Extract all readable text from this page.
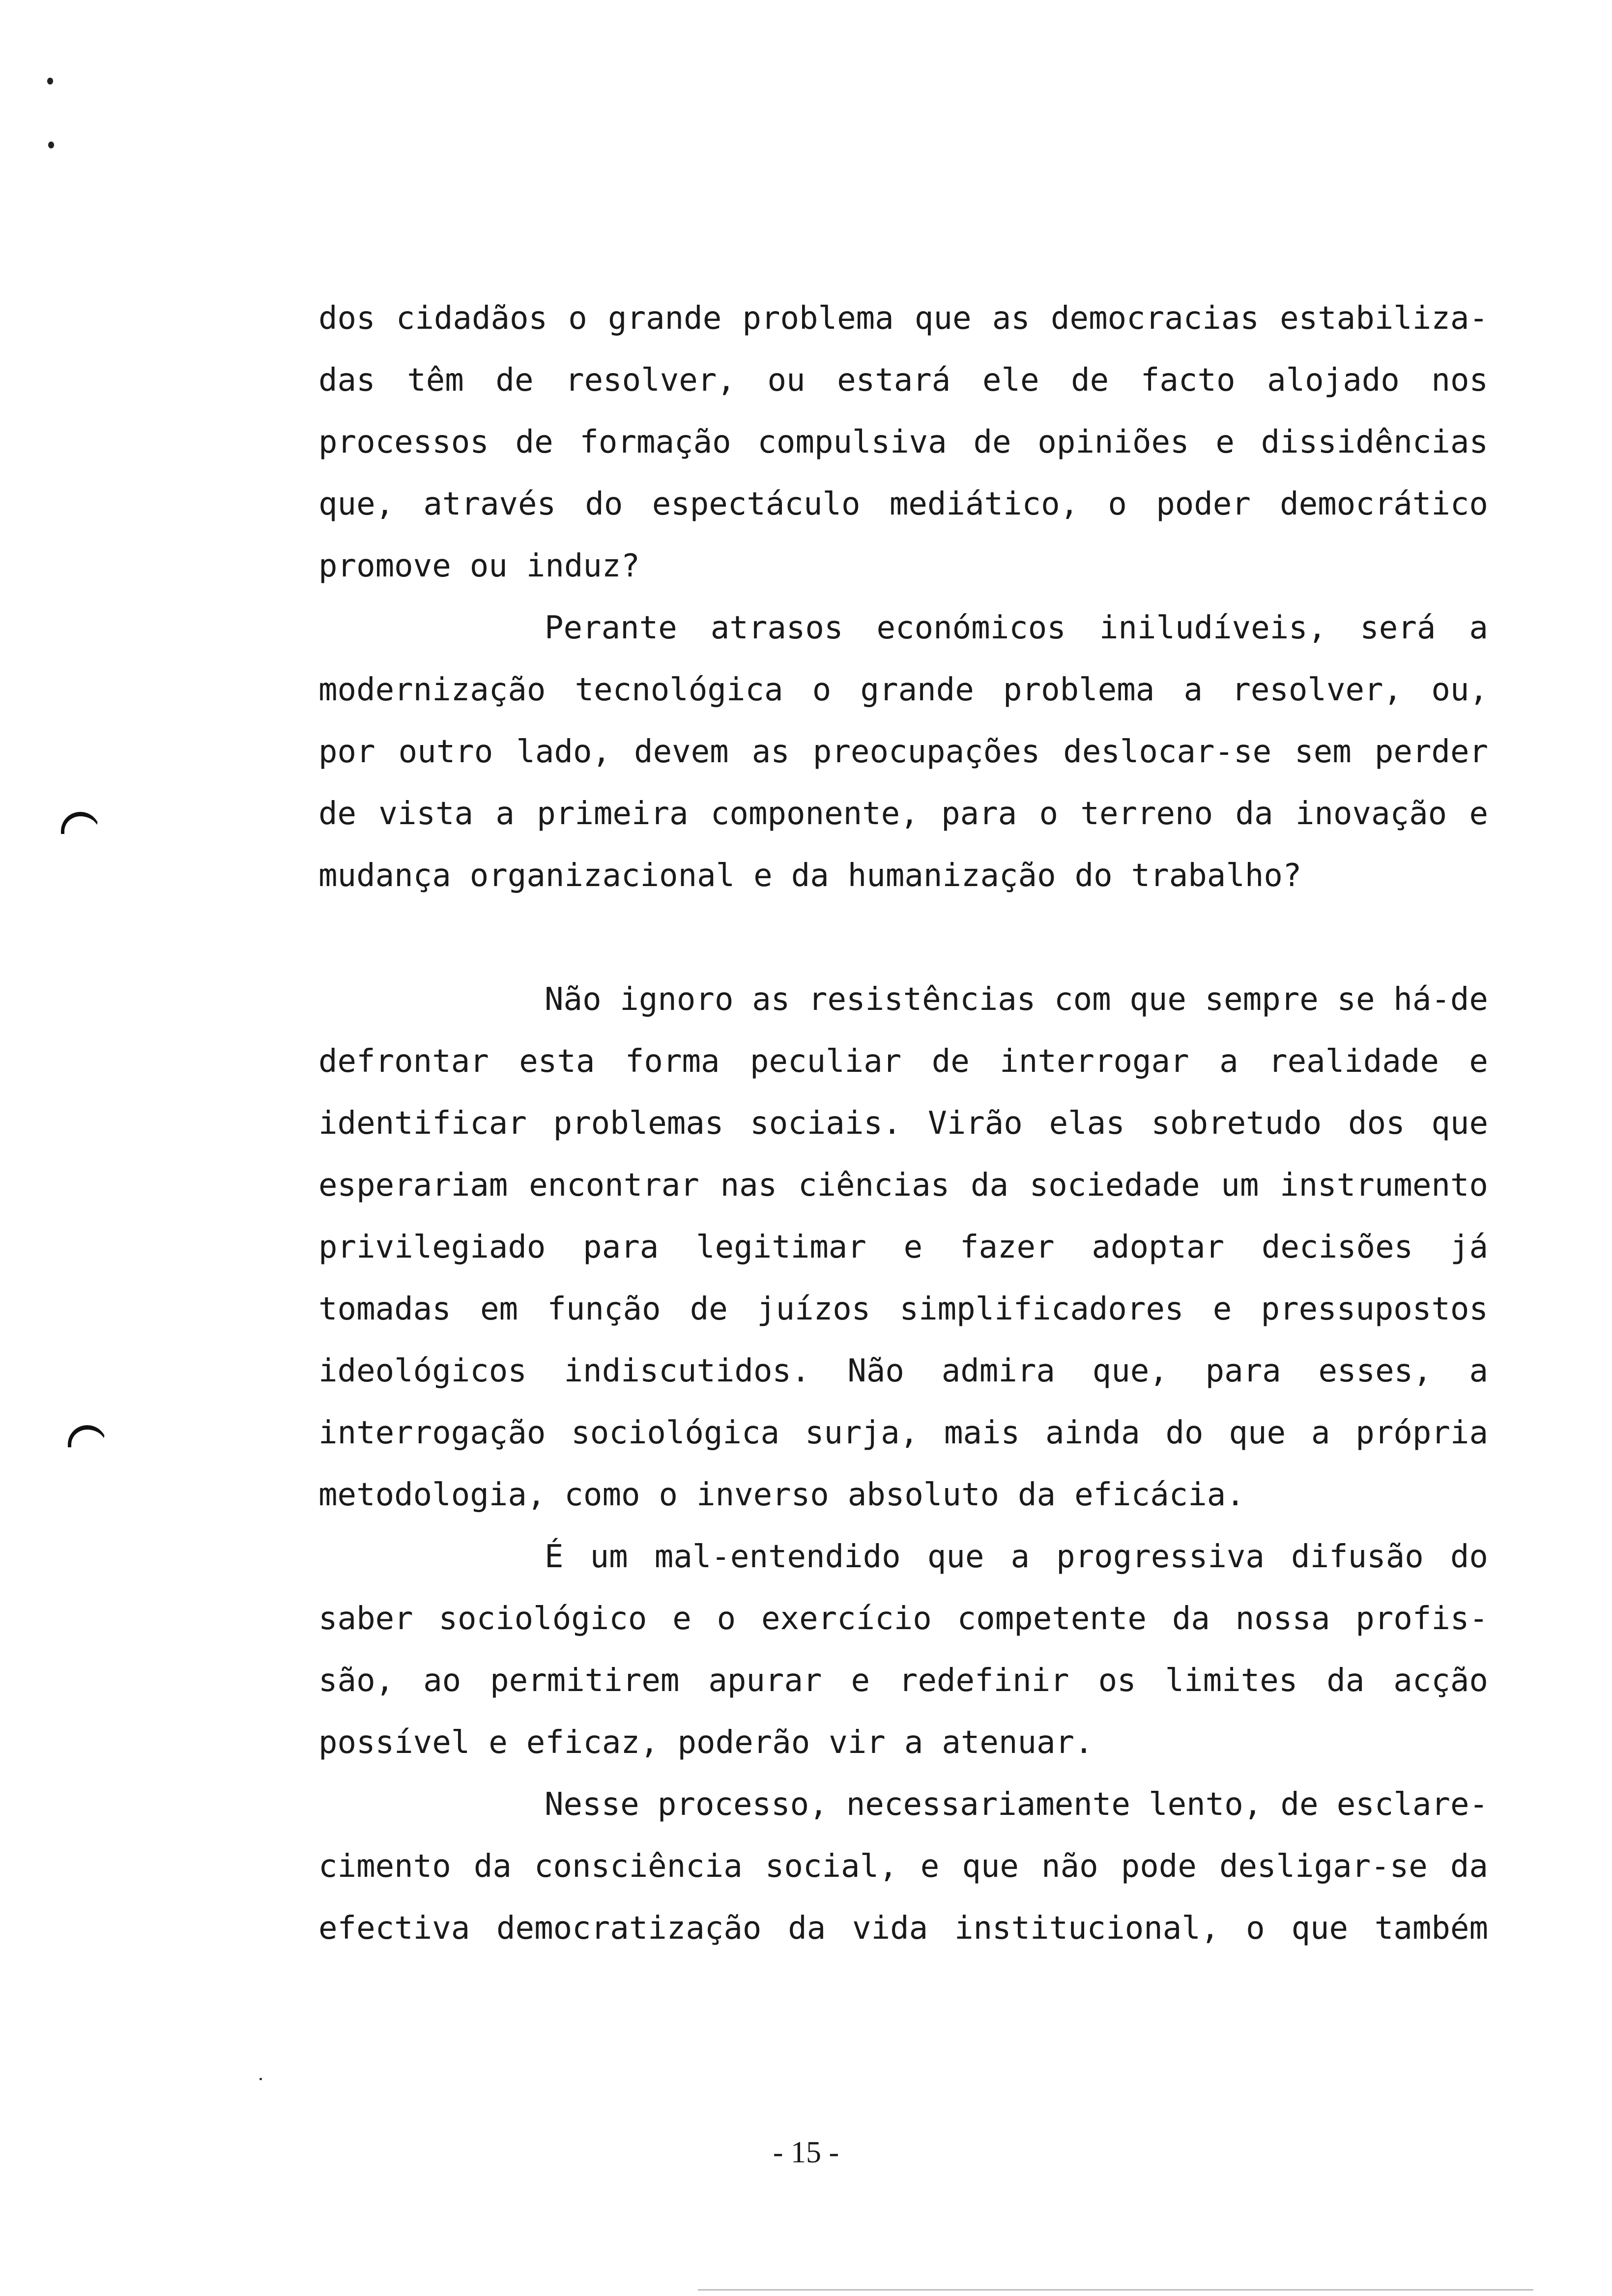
dos cidadãos o grande problema que as democracias estabiliza-
das têm de resolver, ou estará ele de facto alojado nos
processos de formação compulsiva de opiniões e dissidências
que, através do espectáculo mediático, o poder democrático
promove ou induz?
Perante atrasos económicos iniludíveis, será a
modernização tecnológica o grande problema a resolver, ou,
por outro lado, devem as preocupações deslocar-se sem perder
de vista a primeira componente, para o terreno da inovação e
mudança organizacional e da humanização do trabalho?
Não ignoro as resistências com que sempre se há-de
defrontar esta forma peculiar de interrogar a realidade e
identificar problemas sociais. Virão elas sobretudo dos que
esperariam encontrar nas ciências da sociedade um instrumento
privilegiado para legitimar e fazer adoptar decisões já
tomadas em função de juízos simplificadores e pressupostos
ideológicos indiscutidos. Não admira que, para esses, a
interrogação sociológica surja, mais ainda do que a própria
metodologia, como o inverso absoluto da eficácia.
É um mal-entendido que a progressiva difusão do
saber sociológico e o exercício competente da nossa profis-
são, ao permitirem apurar e redefinir os limites da acção
possível e eficaz, poderão vir a atenuar.
Nesse processo, necessariamente lento, de esclare-
cimento da consciência social, e que não pode desligar-se da
efectiva democratização da vida institucional, o que também
- 15 -
